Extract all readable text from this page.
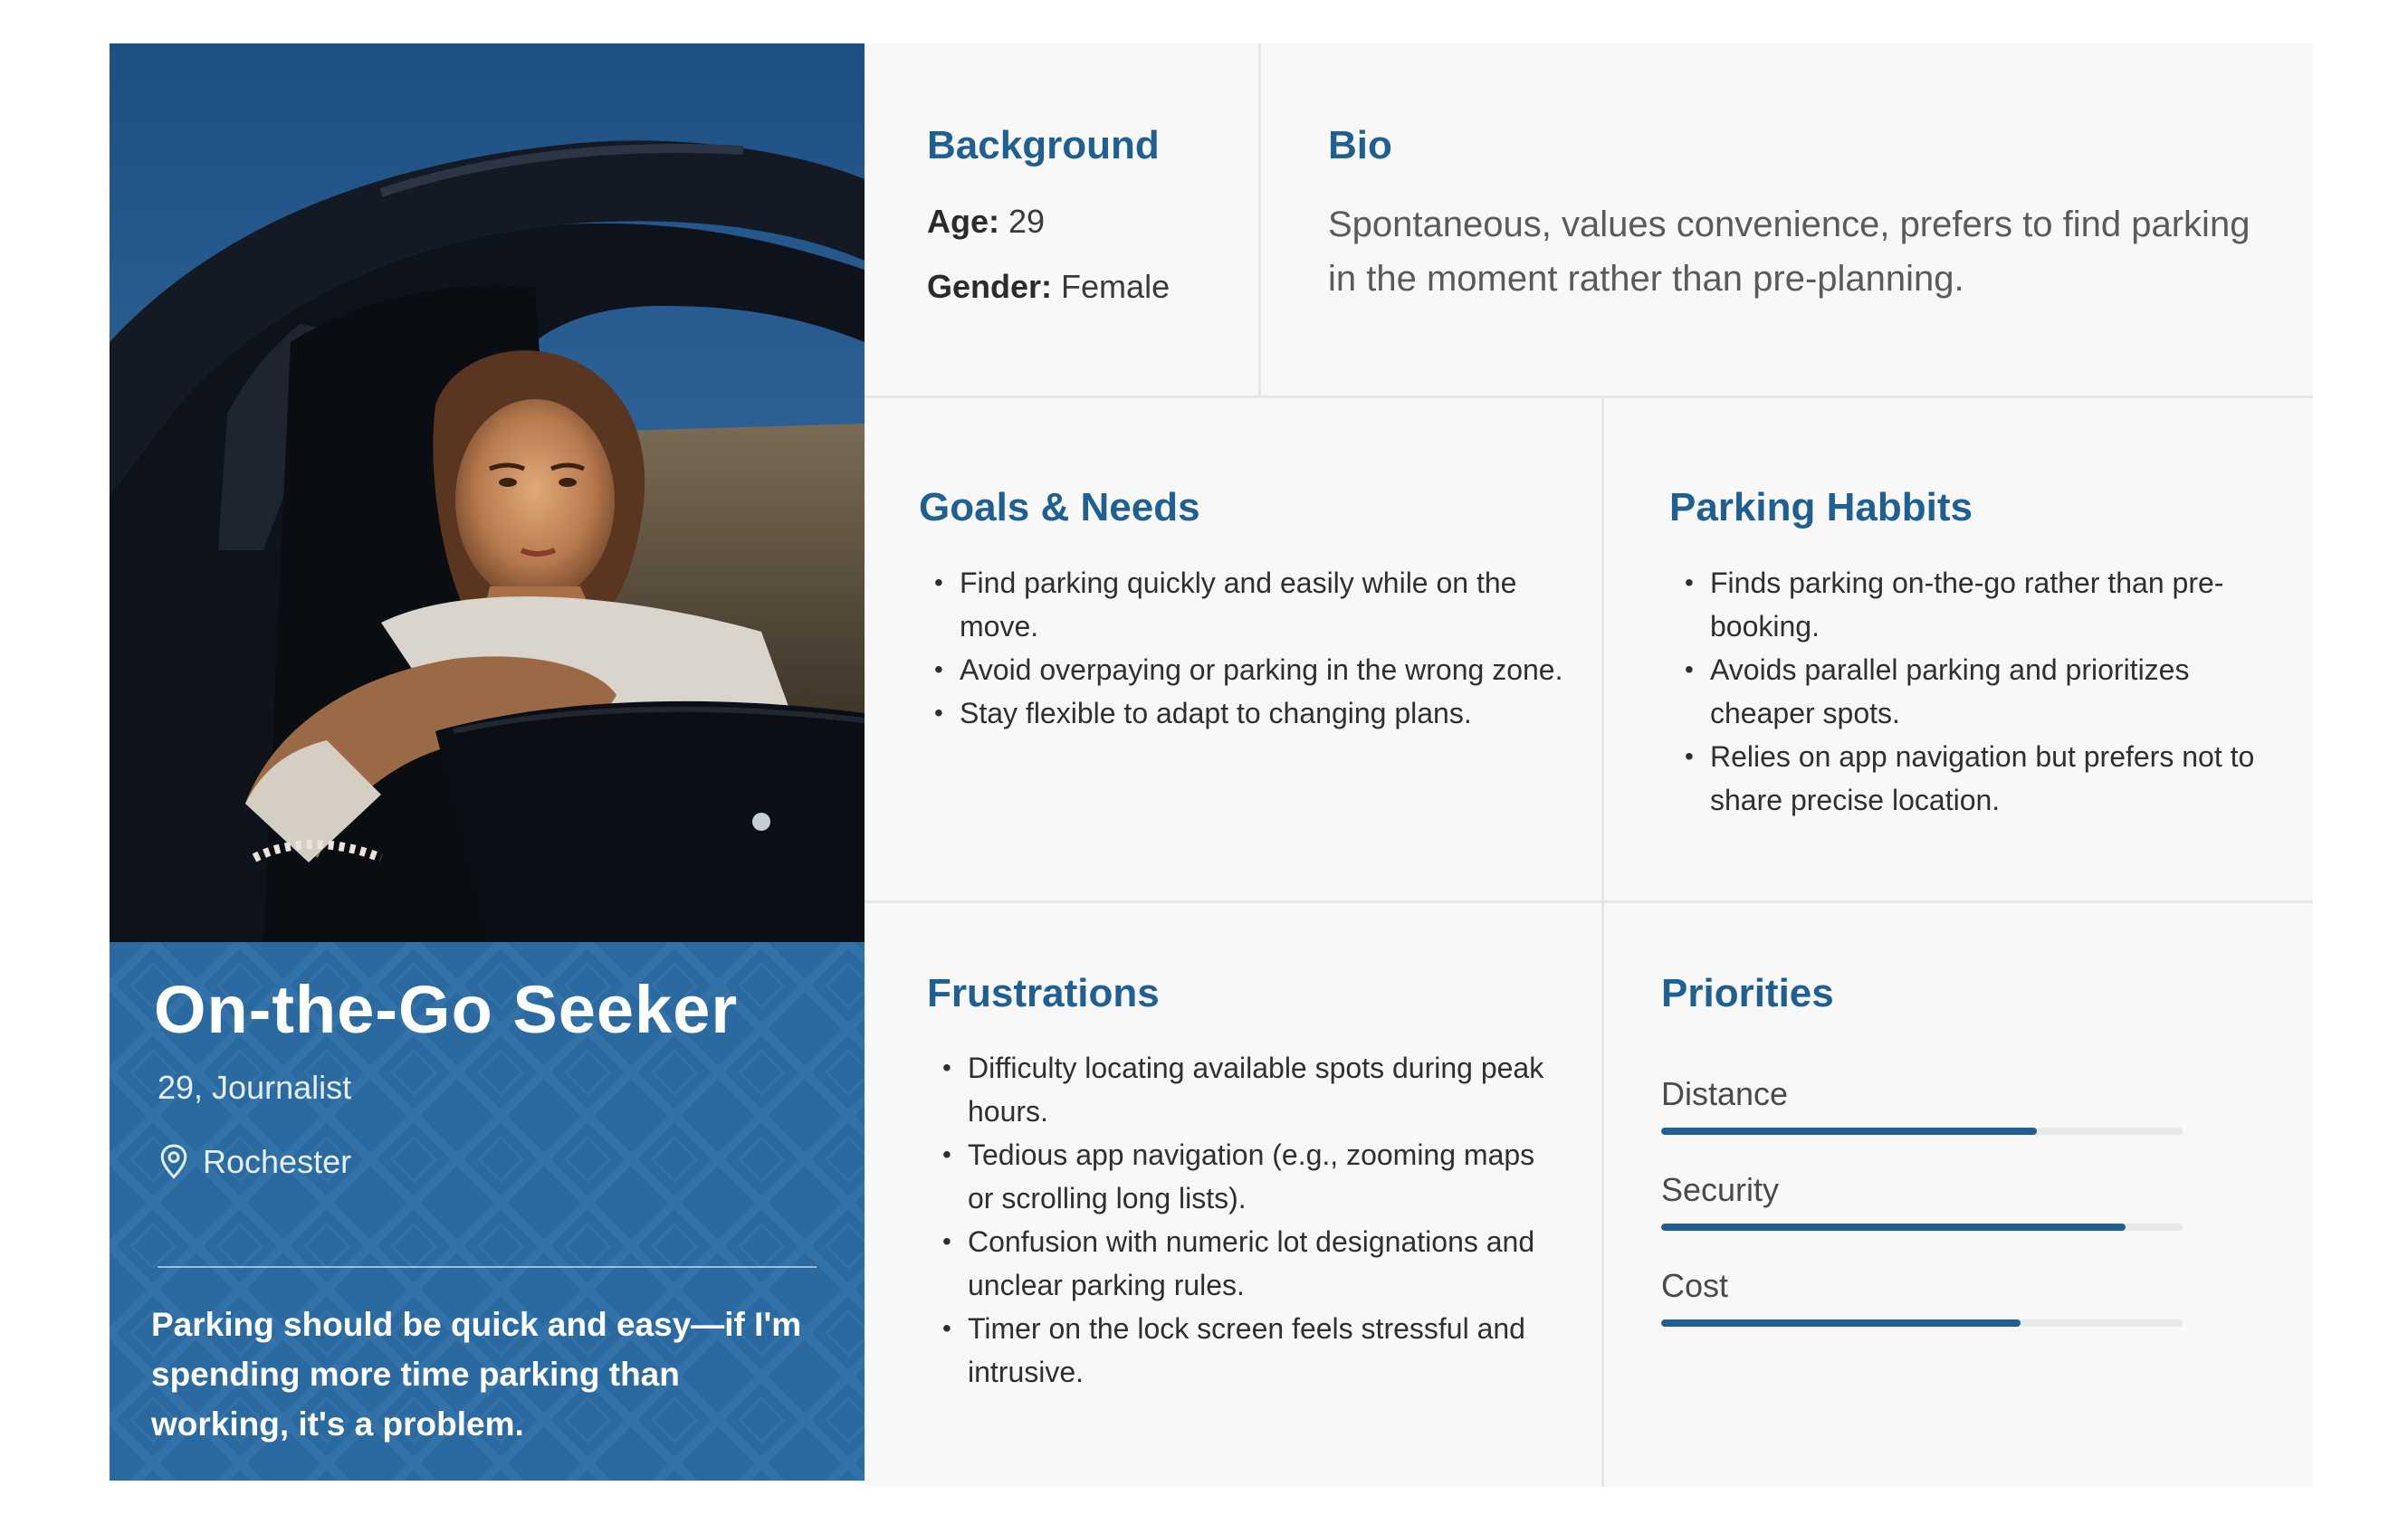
On-the-Go Seeker
29, Journalist
Rochester
Parking should be quick and easy—if I'm spending more time parking than working, it's a problem.
Background
Age: 29
Gender: Female
Bio
Spontaneous, values convenience, prefers to find parking in the moment rather than pre-planning.
Goals & Needs
• Find parking quickly and easily while on the move.
• Avoid overpaying or parking in the wrong zone.
• Stay flexible to adapt to changing plans.
Parking Habbits
• Finds parking on-the-go rather than pre-booking.
• Avoids parallel parking and prioritizes cheaper spots.
• Relies on app navigation but prefers not to share precise location.
Frustrations
• Difficulty locating available spots during peak hours.
• Tedious app navigation (e.g., zooming maps or scrolling long lists).
• Confusion with numeric lot designations and unclear parking rules.
• Timer on the lock screen feels stressful and intrusive.
Priorities
Distance
Security
Cost
